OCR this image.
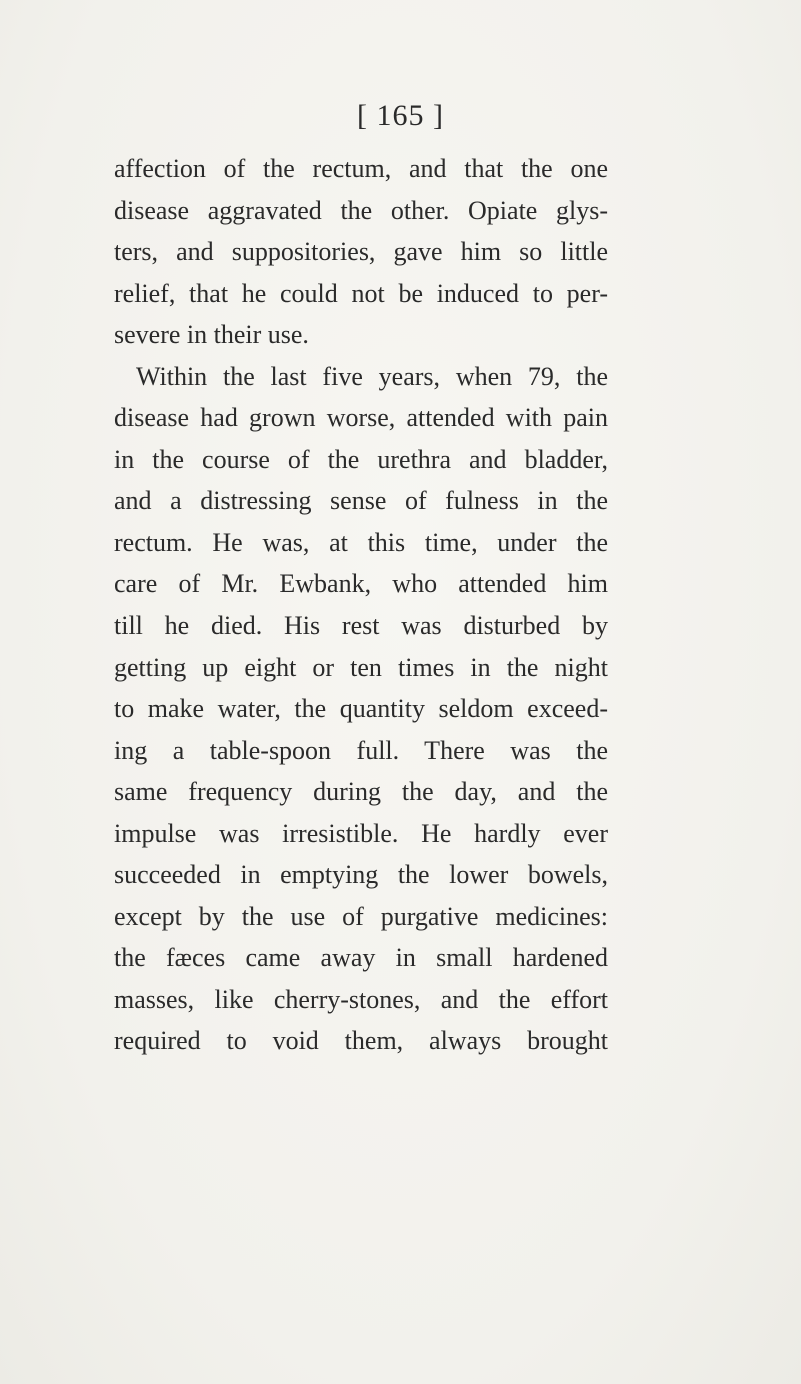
[ 165 ]
affection of the rectum, and that the one
disease aggravated the other. Opiate glys-
ters, and suppositories, gave him so little
relief, that he could not be induced to per-
severe in their use.
Within the last five years, when 79, the
disease had grown worse, attended with pain
in the course of the urethra and bladder,
and a distressing sense of fulness in the
rectum. He was, at this time, under the
care of Mr. Ewbank, who attended him
till he died. His rest was disturbed by
getting up eight or ten times in the night
to make water, the quantity seldom exceed-
ing a table-spoon full. There was the
same frequency during the day, and the
impulse was irresistible. He hardly ever
succeeded in emptying the lower bowels,
except by the use of purgative medicines:
the fæces came away in small hardened
masses, like cherry-stones, and the effort
required to void them, always brought
